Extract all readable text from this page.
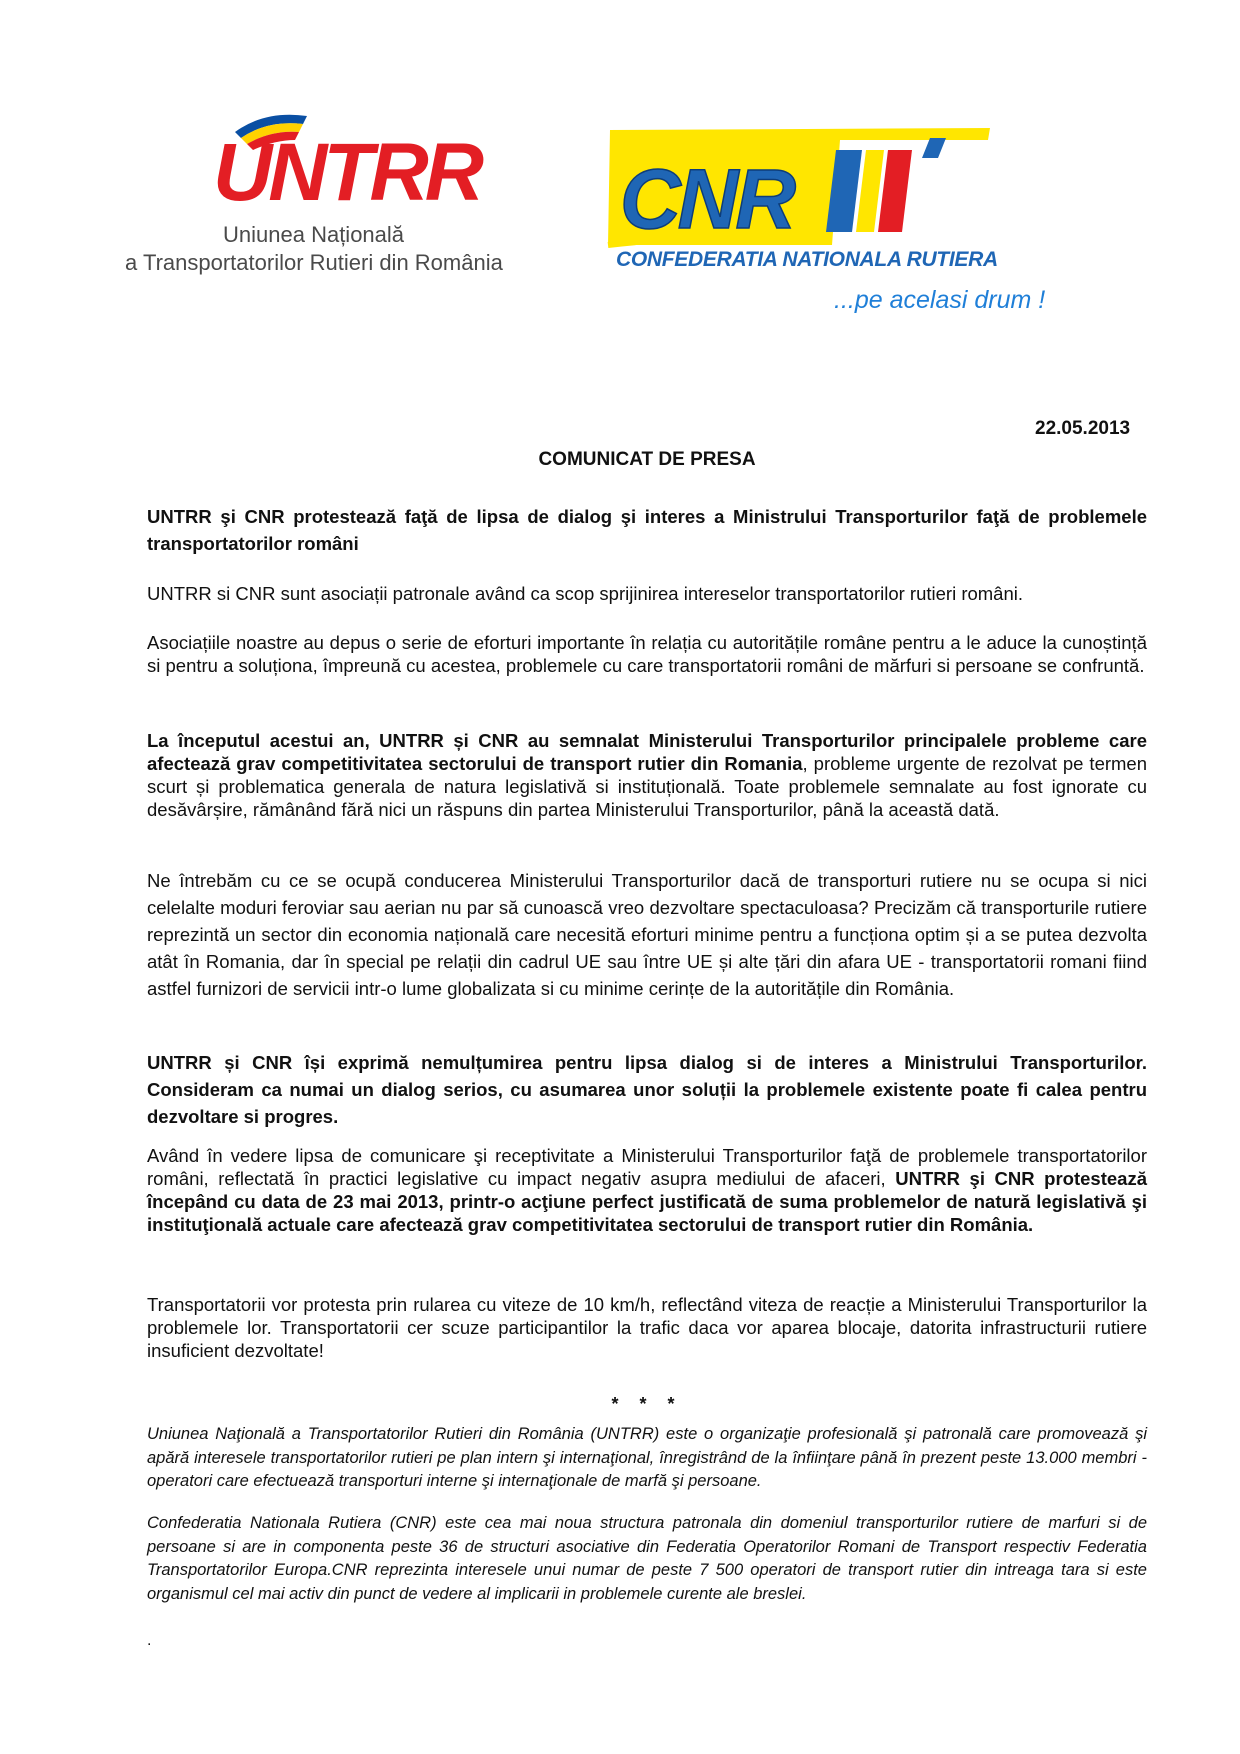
UNTRR
Uniunea Națională
a Transportatorilor Rutieri din România
CNR
CONFEDERATIA NATIONALA RUTIERA
...pe acelasi drum !
22.05.2013
COMUNICAT DE PRESA

UNTRR şi CNR protestează faţă de lipsa de dialog şi interes a Ministrului Transporturilor faţă de problemele transportatorilor români

UNTRR si CNR sunt asociații patronale având ca scop sprijinirea intereselor transportatorilor rutieri români.

Asociațiile noastre au depus o serie de eforturi importante în relația cu autoritățile române pentru a le aduce la cunoștință si pentru a soluționa, împreună cu acestea, problemele cu care transportatorii români de mărfuri si persoane se confruntă.

La începutul acestui an, UNTRR și CNR au semnalat Ministerului Transporturilor principalele probleme care afectează grav competitivitatea sectorului de transport rutier din Romania, probleme urgente de rezolvat pe termen scurt și problematica generala de natura legislativă si instituțională. Toate problemele semnalate au fost ignorate cu desăvârșire, rămânând fără nici un răspuns din partea Ministerului Transporturilor, până la această dată.

Ne întrebăm cu ce se ocupă conducerea Ministerului Transporturilor dacă de transporturi rutiere nu se ocupa si nici celelalte moduri feroviar sau aerian nu par să cunoască vreo dezvoltare spectaculoasa? Precizăm că transporturile rutiere reprezintă un sector din economia națională care necesită eforturi minime pentru a funcționa optim și a se putea dezvolta atât în Romania, dar în special pe relații din cadrul UE sau între UE și alte țări din afara UE - transportatorii romani fiind astfel furnizori de servicii intr-o lume globalizata si cu minime cerințe de la autoritățile din România.

UNTRR și CNR își exprimă nemulțumirea pentru lipsa dialog si de interes a Ministrului Transporturilor. Consideram ca numai un dialog serios, cu asumarea unor soluții la problemele existente poate fi calea pentru dezvoltare si progres.

Având în vedere lipsa de comunicare şi receptivitate a Ministerului Transporturilor faţă de problemele transportatorilor români, reflectată în practici legislative cu impact negativ asupra mediului de afaceri, UNTRR şi CNR protestează începând cu data de 23 mai 2013, printr-o acţiune perfect justificată de suma problemelor de natură legislativă şi instituţională actuale care afectează grav competitivitatea sectorului de transport rutier din România.

Transportatorii vor protesta prin rularea cu viteze de 10 km/h, reflectând viteza de reacție a Ministerului Transporturilor la problemele lor. Transportatorii cer scuze participantilor la trafic daca vor aparea blocaje, datorita infrastructurii rutiere insuficient dezvoltate!

* * *

Uniunea Naţională a Transportatorilor Rutieri din România (UNTRR) este o organizaţie profesională şi patronală care promovează şi apără interesele transportatorilor rutieri pe plan intern şi internaţional, înregistrând de la înfiinţare până în prezent peste 13.000 membri - operatori care efectuează transporturi interne şi internaţionale de marfă şi persoane.

Confederatia Nationala Rutiera (CNR) este cea mai noua structura patronala din domeniul transporturilor rutiere de marfuri si de persoane si are in componenta peste 36 de structuri asociative din Federatia Operatorilor Romani de Transport respectiv Federatia Transportatorilor Europa.CNR reprezinta interesele unui numar de peste 7 500 operatori de transport rutier din intreaga tara si este organismul cel mai activ din punct de vedere al implicarii in problemele curente ale breslei.

.
